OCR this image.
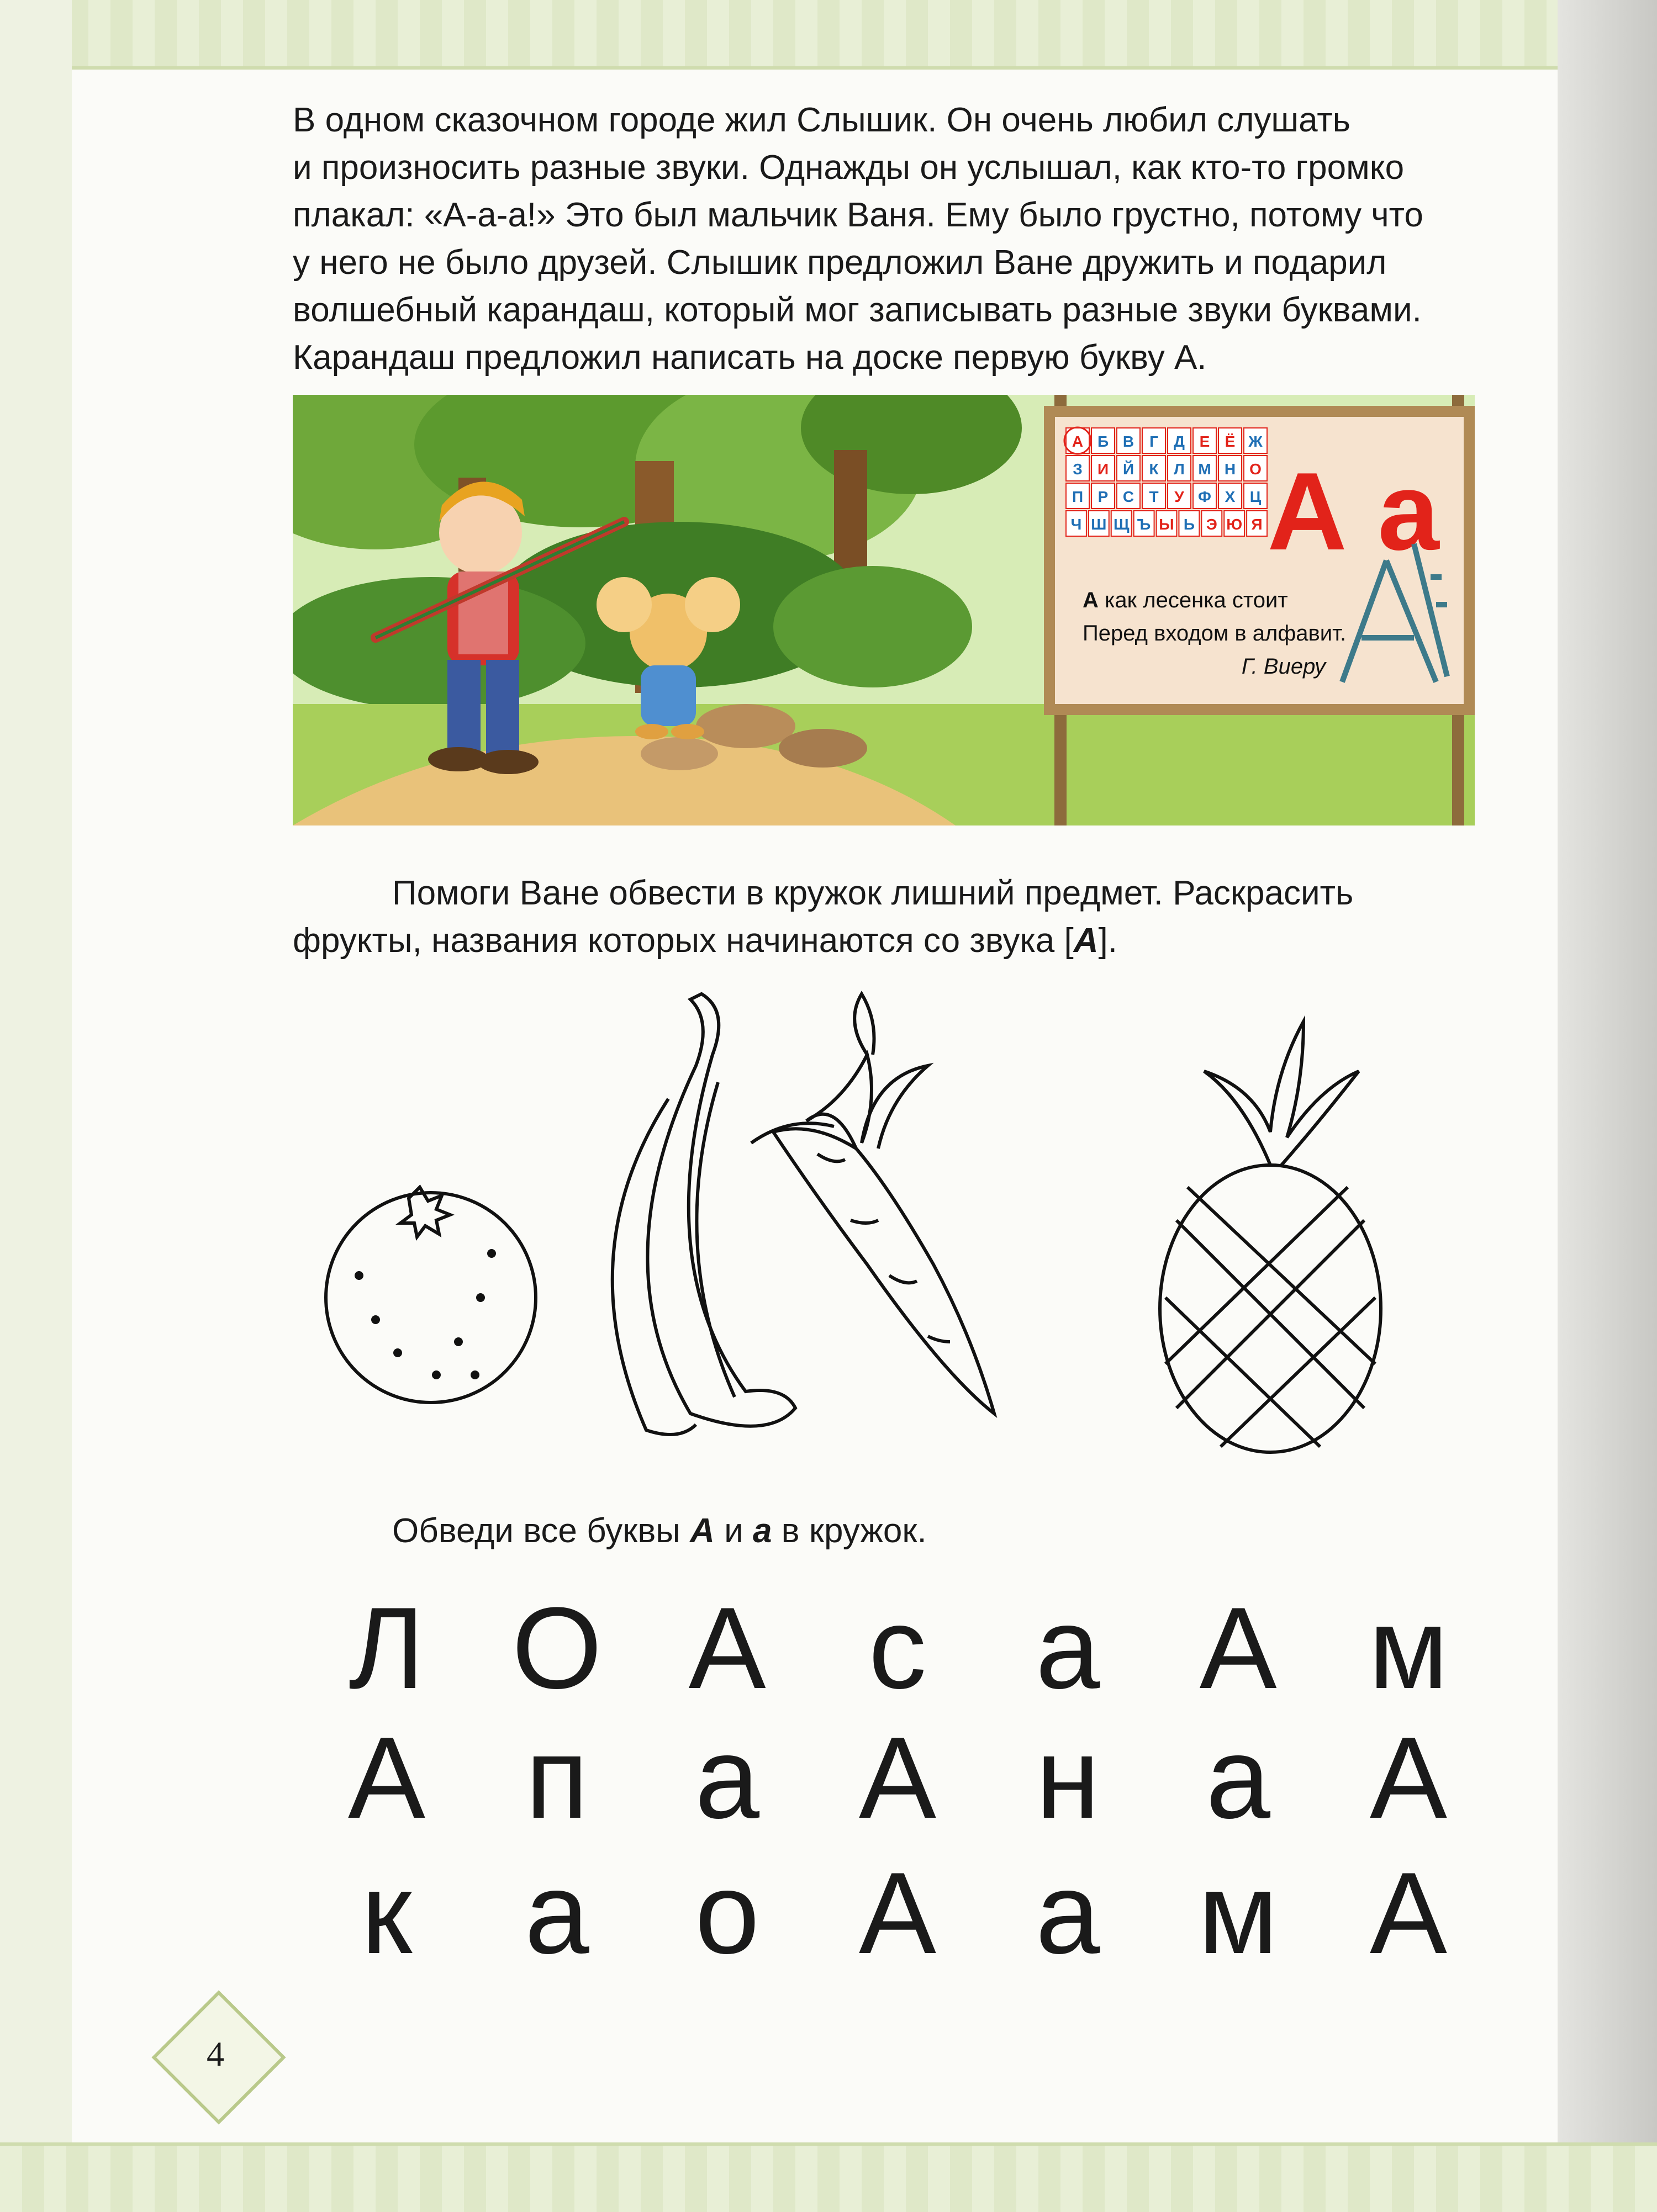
В одном сказочном городе жил Слышик. Он очень любил слушать

и произносить разные звуки. Однажды он услышал, как кто-то громко

плакал: «А-а-а!» Это был мальчик Ваня. Ему было грустно, потому что

у него не было друзей. Слышик предложил Ване дружить и подарил

волшебный карандаш, который мог записывать разные звуки буквами.

Карандаш предложил написать на доске первую букву А.

А Б В Г Д Е Ё Ж
З И Й К Л М Н О
П Р С Т У Ф Х Ц
Ч Ш Щ Ъ Ы Ь Э Ю Я А а
А как лесенка стоит
Перед входом в алфавит.
Г. Виеру
Помоги Ване обвести в кружок лишний предмет. Раскрасить
фрукты, названия которых начинаются со звука [А].
Обведи все буквы А и а в кружок.
Л О А с а А м
А п а А н а А
к а о А а м А
4
